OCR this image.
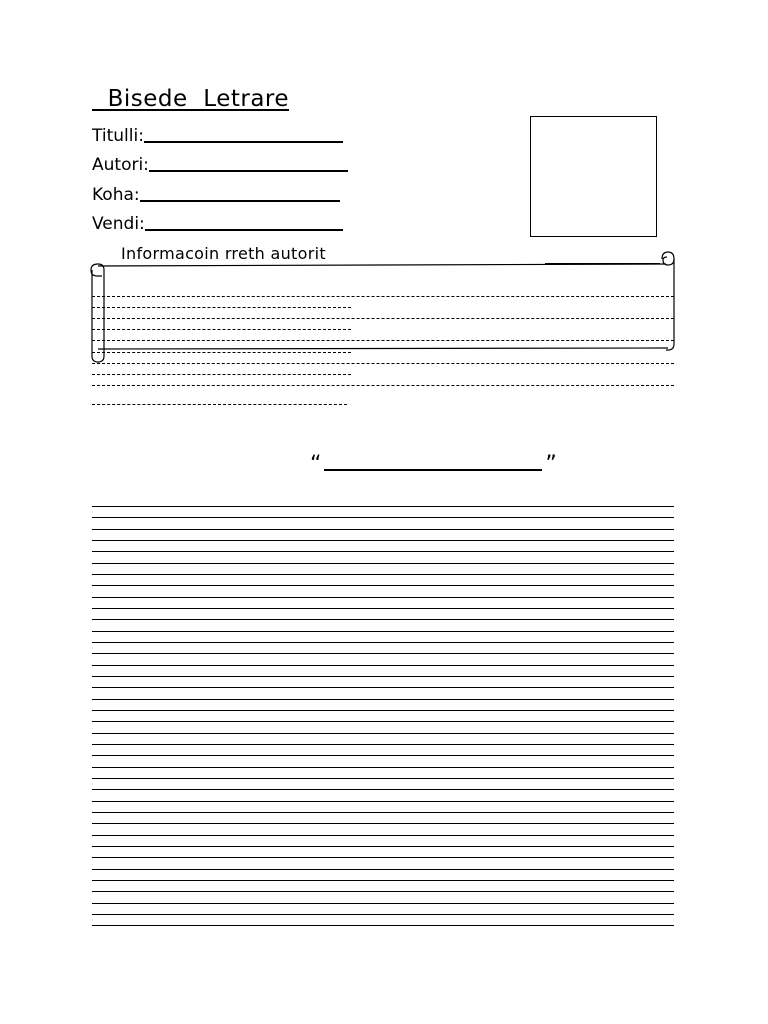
Bisede  Letrare
Titulli:
Autori:
Koha:
Vendi:
Informacoin rreth autorit
“	”
